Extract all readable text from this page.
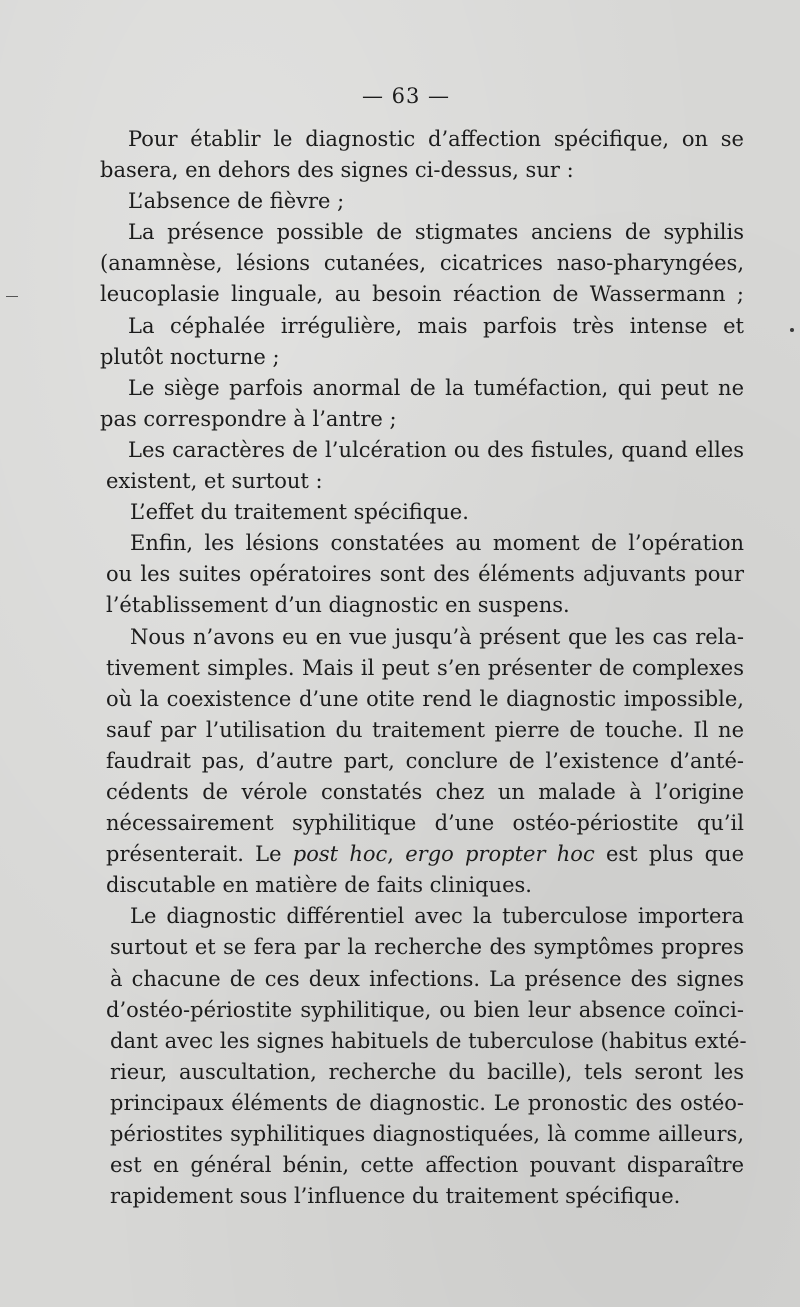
— 63 —
Pour établir le diagnostic d’affection spécifique, on se
basera, en dehors des signes ci-dessus, sur :
L’absence de fièvre ;
La présence possible de stigmates anciens de syphilis
(anamnèse, lésions cutanées, cicatrices naso-pharyngées,
leucoplasie linguale, au besoin réaction de Wassermann ;
La céphalée irrégulière, mais parfois très intense et
plutôt nocturne ;
Le siège parfois anormal de la tuméfaction, qui peut ne
pas correspondre à l’antre ;
Les caractères de l’ulcération ou des fistules, quand elles
existent, et surtout :
L’effet du traitement spécifique.
Enfin, les lésions constatées au moment de l’opération
ou les suites opératoires sont des éléments adjuvants pour
l’établissement d’un diagnostic en suspens.
Nous n’avons eu en vue jusqu’à présent que les cas rela-
tivement simples. Mais il peut s’en présenter de complexes
où la coexistence d’une otite rend le diagnostic impossible,
sauf par l’utilisation du traitement pierre de touche. Il ne
faudrait pas, d’autre part, conclure de l’existence d’anté-
cédents de vérole constatés chez un malade à l’origine
nécessairement syphilitique d’une ostéo-périostite qu’il
présenterait. Le post hoc, ergo propter hoc est plus que
discutable en matière de faits cliniques.
Le diagnostic différentiel avec la tuberculose importera
surtout et se fera par la recherche des symptômes propres
à chacune de ces deux infections. La présence des signes
d’ostéo-périostite syphilitique, ou bien leur absence coïnci-
dant avec les signes habituels de tuberculose (habitus exté-
rieur, auscultation, recherche du bacille), tels seront les
principaux éléments de diagnostic. Le pronostic des ostéo-
périostites syphilitiques diagnostiquées, là comme ailleurs,
est en général bénin, cette affection pouvant disparaître
rapidement sous l’influence du traitement spécifique.
